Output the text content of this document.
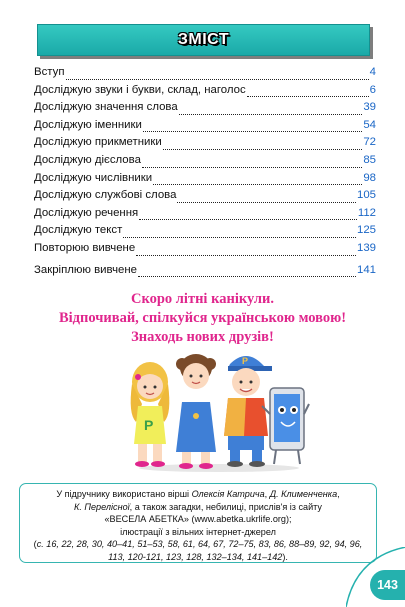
ЗМІСТ
Вступ	4
Досліджую звуки і букви, склад, наголос	6
Досліджую значення слова	39
Досліджую іменники	54
Досліджую прикметники	72
Досліджую дієслова	85
Досліджую числівники	98
Досліджую службові слова	105
Досліджую речення	112
Досліджую текст	125
Повторюю вивчене	139
Закріплюю вивчене	141
Скоро літні канікули.
Відпочивай, спілкуйся українською мовою!
Знаходь нових друзів!
P
P
У підручнику використано вірші Олексія Катрича, Д. Клименченка,
К. Перелісної, а також загадки, небилиці, прислів'я із сайту
«ВЕСЕЛА АБЕТКА» (www.abetka.ukrlife.org);
ілюстрації з вільних інтернет-джерел
(с. 16, 22, 28, 30, 40–41, 51–53, 58, 61, 64, 67, 72–75, 83, 86, 88–89, 92, 94, 96, 113, 120-121, 123, 128, 132–134, 141–142).
143
